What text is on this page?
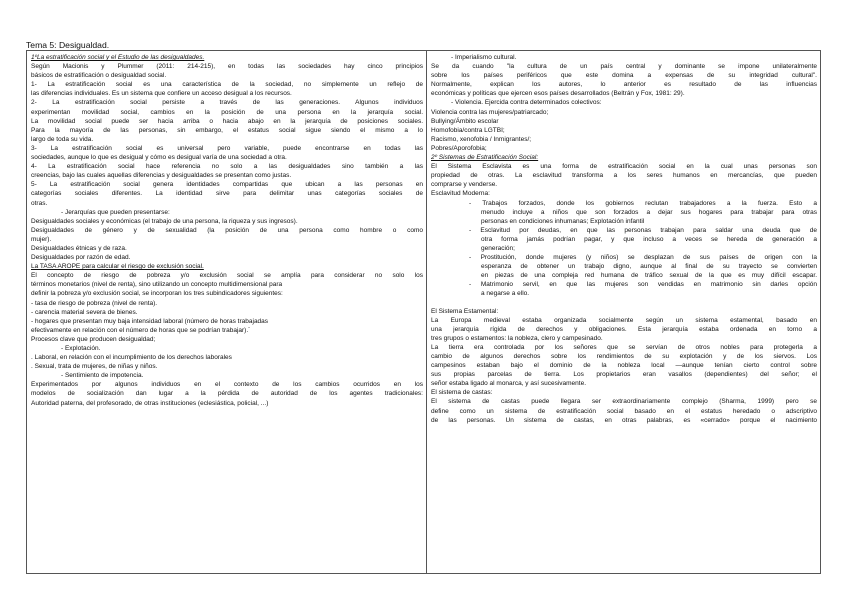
Tema 5: Desigualdad.
1ºLa estratificación social y el Estudio de las desigualdades.
Según Macionis y Plummer (2011: 214-215), en todas las sociedades hay cinco principios
básicos de estratificación o desigualdad social.
1- La estratificación social es una característica de la sociedad, no simplemente un reflejo de
las diferencias individuales. Es un sistema que confiere un acceso desigual a los recursos.
2- La estratificación social persiste a través de las generaciones. Algunos individuos
experimentan movilidad social, cambios en la posición de una persona en la jerarquía social.
La movilidad social puede ser hacia arriba o hacia abajo en la jerarquía de posiciones sociales.
Para la mayoría de las personas, sin embargo, el estatus social sigue siendo el mismo a lo
largo de toda su vida.
3- La estratificación social es universal pero variable, puede encontrarse en todas las
sociedades, aunque lo que es desigual y cómo es desigual varía de una sociedad a otra.
4- La estratificación social hace referencia no solo a las desigualdades sino también a las
creencias, bajo las cuales aquellas diferencias y desigualdades se presentan como justas.
5- La estratificación social genera identidades compartidas que ubican a las personas en
categorías sociales diferentes. La identidad sirve para delimitar unas categorías sociales de
otras.
- Jerarquías que pueden presentarse:
Desigualdades sociales y económicas (el trabajo de una persona, la riqueza y sus ingresos).
Desigualdades de género y de sexualidad (la posición de una persona como hombre o como
mujer).
Desigualdades étnicas y de raza.
Desigualdades por razón de edad.
La TASA AROPE para calcular el riesgo de exclusión social.
El concepto de riesgo de pobreza y/o exclusión social se amplía para considerar no solo los
términos monetarios (nivel de renta), sino utilizando un concepto multidimensional para
definir la pobreza y/o exclusión social, se incorporan los tres subindicadores siguientes:
- tasa de riesgo de pobreza (nivel de renta).
- carencia material severa de bienes.
- hogares que presentan muy baja intensidad laboral (número de horas trabajadas
efectivamente en relación con el número de horas que se podrían trabajar).´
Procesos clave que producen desigualdad;
- Explotación.
. Laboral, en relación con el incumplimiento de los derechos laborales
. Sexual, trata de mujeres, de niñas y niños.
- Sentimiento de impotencia.
Experimentados por algunos individuos en el contexto de los cambios ocurridos en los
modelos de socialización dan lugar a la pérdida de autoridad de los agentes tradicionales:
Autoridad paterna, del profesorado, de otras instituciones (eclesiástica, policial, ...)
- Imperialismo cultural.
Se da cuando "la cultura de un país central y dominante se impone unilateralmente
sobre los países periféricos que este domina a expensas de su integridad cultural".
Normalmente, explican los autores, lo anterior es resultado de las influencias
económicas y políticas que ejercen esos países desarrollados (Beltrán y Fox, 1981: 29).
- Violencia. Ejercida contra determinados colectivos:
Violencia contra las mujeres/patriarcado;
Bullying/Ámbito escolar
Homofobia/contra LGTBI;
Racismo, xenofobia / Inmigrantes/;
Pobres/Aporofobia;
2º Sistemas de Estratificación Social:
El Sistema Esclavista es una forma de estratificación social en la cual unas personas son
propiedad de otras. La esclavitud transforma a los seres humanos en mercancías, que pueden
comprarse y venderse.
Esclavitud Moderna:
- Trabajos forzados, donde los gobiernos reclutan trabajadores a la fuerza. Esto a
menudo incluye a niños que son forzados a dejar sus hogares para trabajar para otras
personas en condiciones inhumanas; Explotación infantil
- Esclavitud por deudas, en que las personas trabajan para saldar una deuda que de
otra forma jamás podrían pagar, y que incluso a veces se hereda de generación a
generación;
- Prostitución, donde mujeres (y niños) se desplazan de sus países de origen con la
esperanza de obtener un trabajo digno, aunque al final de su trayecto se convierten
en piezas de una compleja red humana de tráfico sexual de la que es muy difícil escapar.
- Matrimonio servil, en que las mujeres son vendidas en matrimonio sin darles opción
a negarse a ello.
El Sistema Estamental:
La Europa medieval estaba organizada socialmente según un sistema estamental, basado en
una jerarquía rígida de derechos y obligaciones. Esta jerarquía estaba ordenada en torno a
tres grupos o estamentos: la nobleza, clero y campesinado.
La tierra era controlada por los señores que se servían de otros nobles para protegerla a
cambio de algunos derechos sobre los rendimientos de su explotación y de los siervos. Los
campesinos estaban bajo el dominio de la nobleza local —aunque tenían cierto control sobre
sus propias parcelas de tierra. Los propietarios eran vasallos (dependientes) del señor; el
señor estaba ligado al monarca, y así sucesivamente.
El sistema de castas:
El sistema de castas puede llegara ser extraordinariamente complejo (Sharma, 1999) pero se
define como un sistema de estratificación social basado en el estatus heredado o adscriptivo
de las personas. Un sistema de castas, en otras palabras, es «cerrado» porque el nacimiento
